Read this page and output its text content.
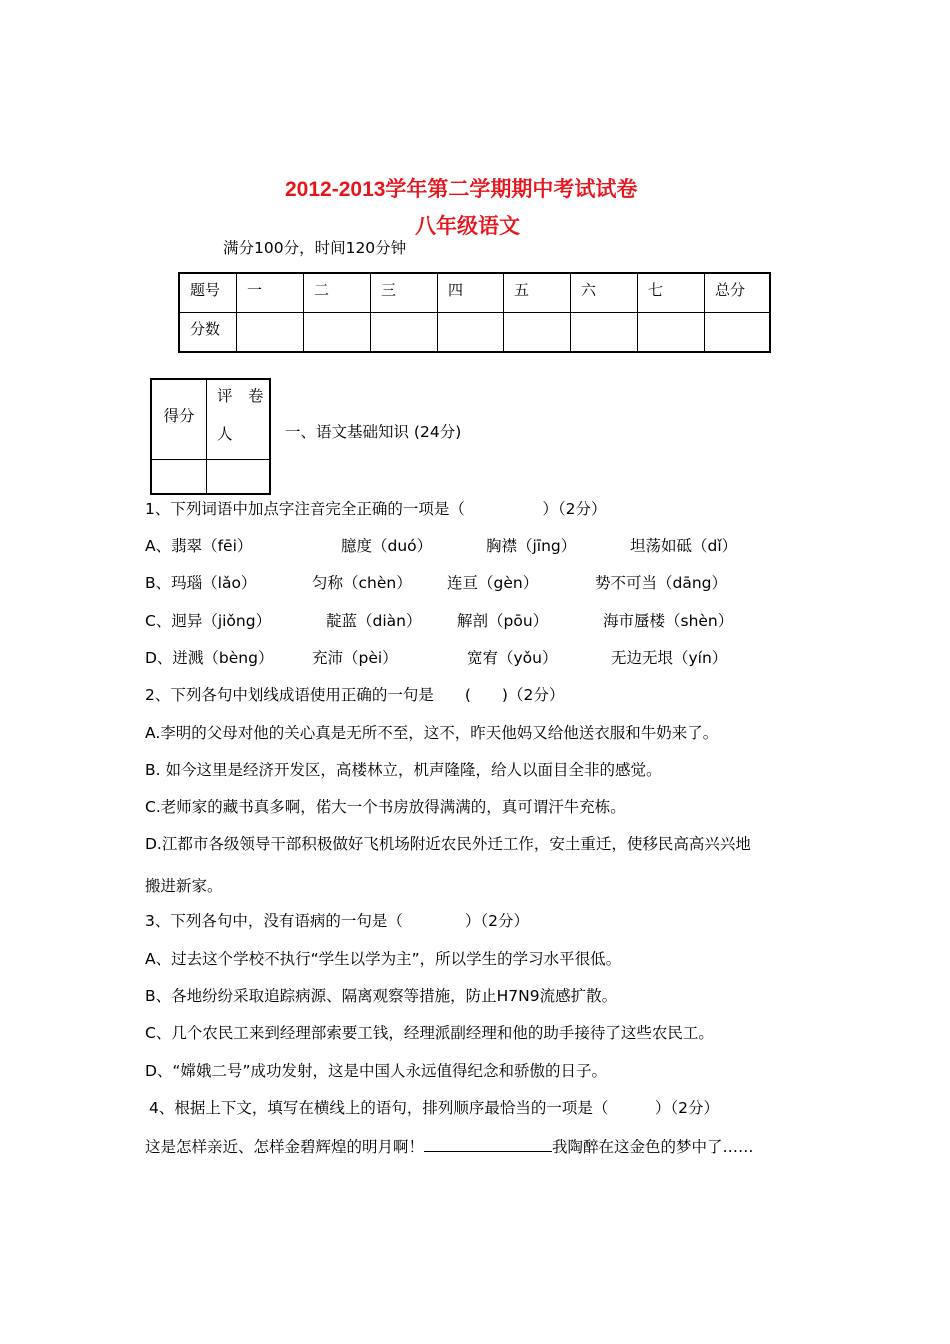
2012-2013学年第二学期期中考试试卷
八年级语文
满分100分，时间120分钟
题号	一	二	三	四	五	六	七	总分
分数								
得分	评　卷
人

		一、语文基础知识 (24分)
1、下列词语中加点字注音完全正确的一项是（　　　　　）（2分）
A、翡翠（fēi）	臆度（duó）	胸襟（jīng）	坦荡如砥（dǐ）
B、玛瑙（lǎo）	匀称（chèn） 连亘（gèn）	势不可当（dāng）
C、迥异（jiǒng）	靛蓝（diàn） 解剖（pōu）	海市蜃楼（shèn）
D、迸溅（bèng） 充沛（pèi）	宽宥（yǒu）	无边无垠（yín）
2、下列各句中划线成语使用正确的一句是　　(　　)（2分）
A.李明的父母对他的关心真是无所不至，这不，昨天他妈又给他送衣服和牛奶来了。
B. 如今这里是经济开发区，高楼林立，机声隆隆，给人以面目全非的感觉。
C.老师家的藏书真多啊，偌大一个书房放得满满的，真可谓汗牛充栋。
D.江都市各级领导干部积极做好飞机场附近农民外迁工作，安土重迁，使移民高高兴兴地
搬进新家。
3、下列各句中，没有语病的一句是（　　　　）（2分）
A、过去这个学校不执行“学生以学为主”，所以学生的学习水平很低。
B、各地纷纷采取追踪病源、隔离观察等措施，防止H7N9流感扩散。
C、几个农民工来到经理部索要工钱，经理派副经理和他的助手接待了这些农民工。
D、“嫦娥二号”成功发射，这是中国人永远值得纪念和骄傲的日子。
4、根据上下文，填写在横线上的语句，排列顺序最恰当的一项是（　　　）（2分）
这是怎样亲近、怎样金碧辉煌的明月啊！	我陶醉在这金色的梦中了……
